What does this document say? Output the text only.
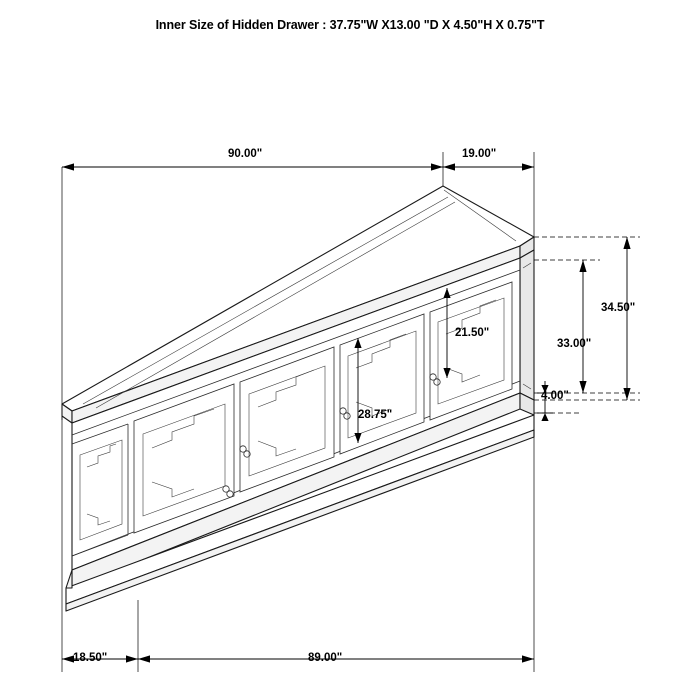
Inner Size of Hidden Drawer : 37.75"W X13.00 "D X 4.50"H X 0.75"T
90.00"	19.00"
34.50"
33.00"
21.50"
28.75"
4.00"
18.50"	89.00"
